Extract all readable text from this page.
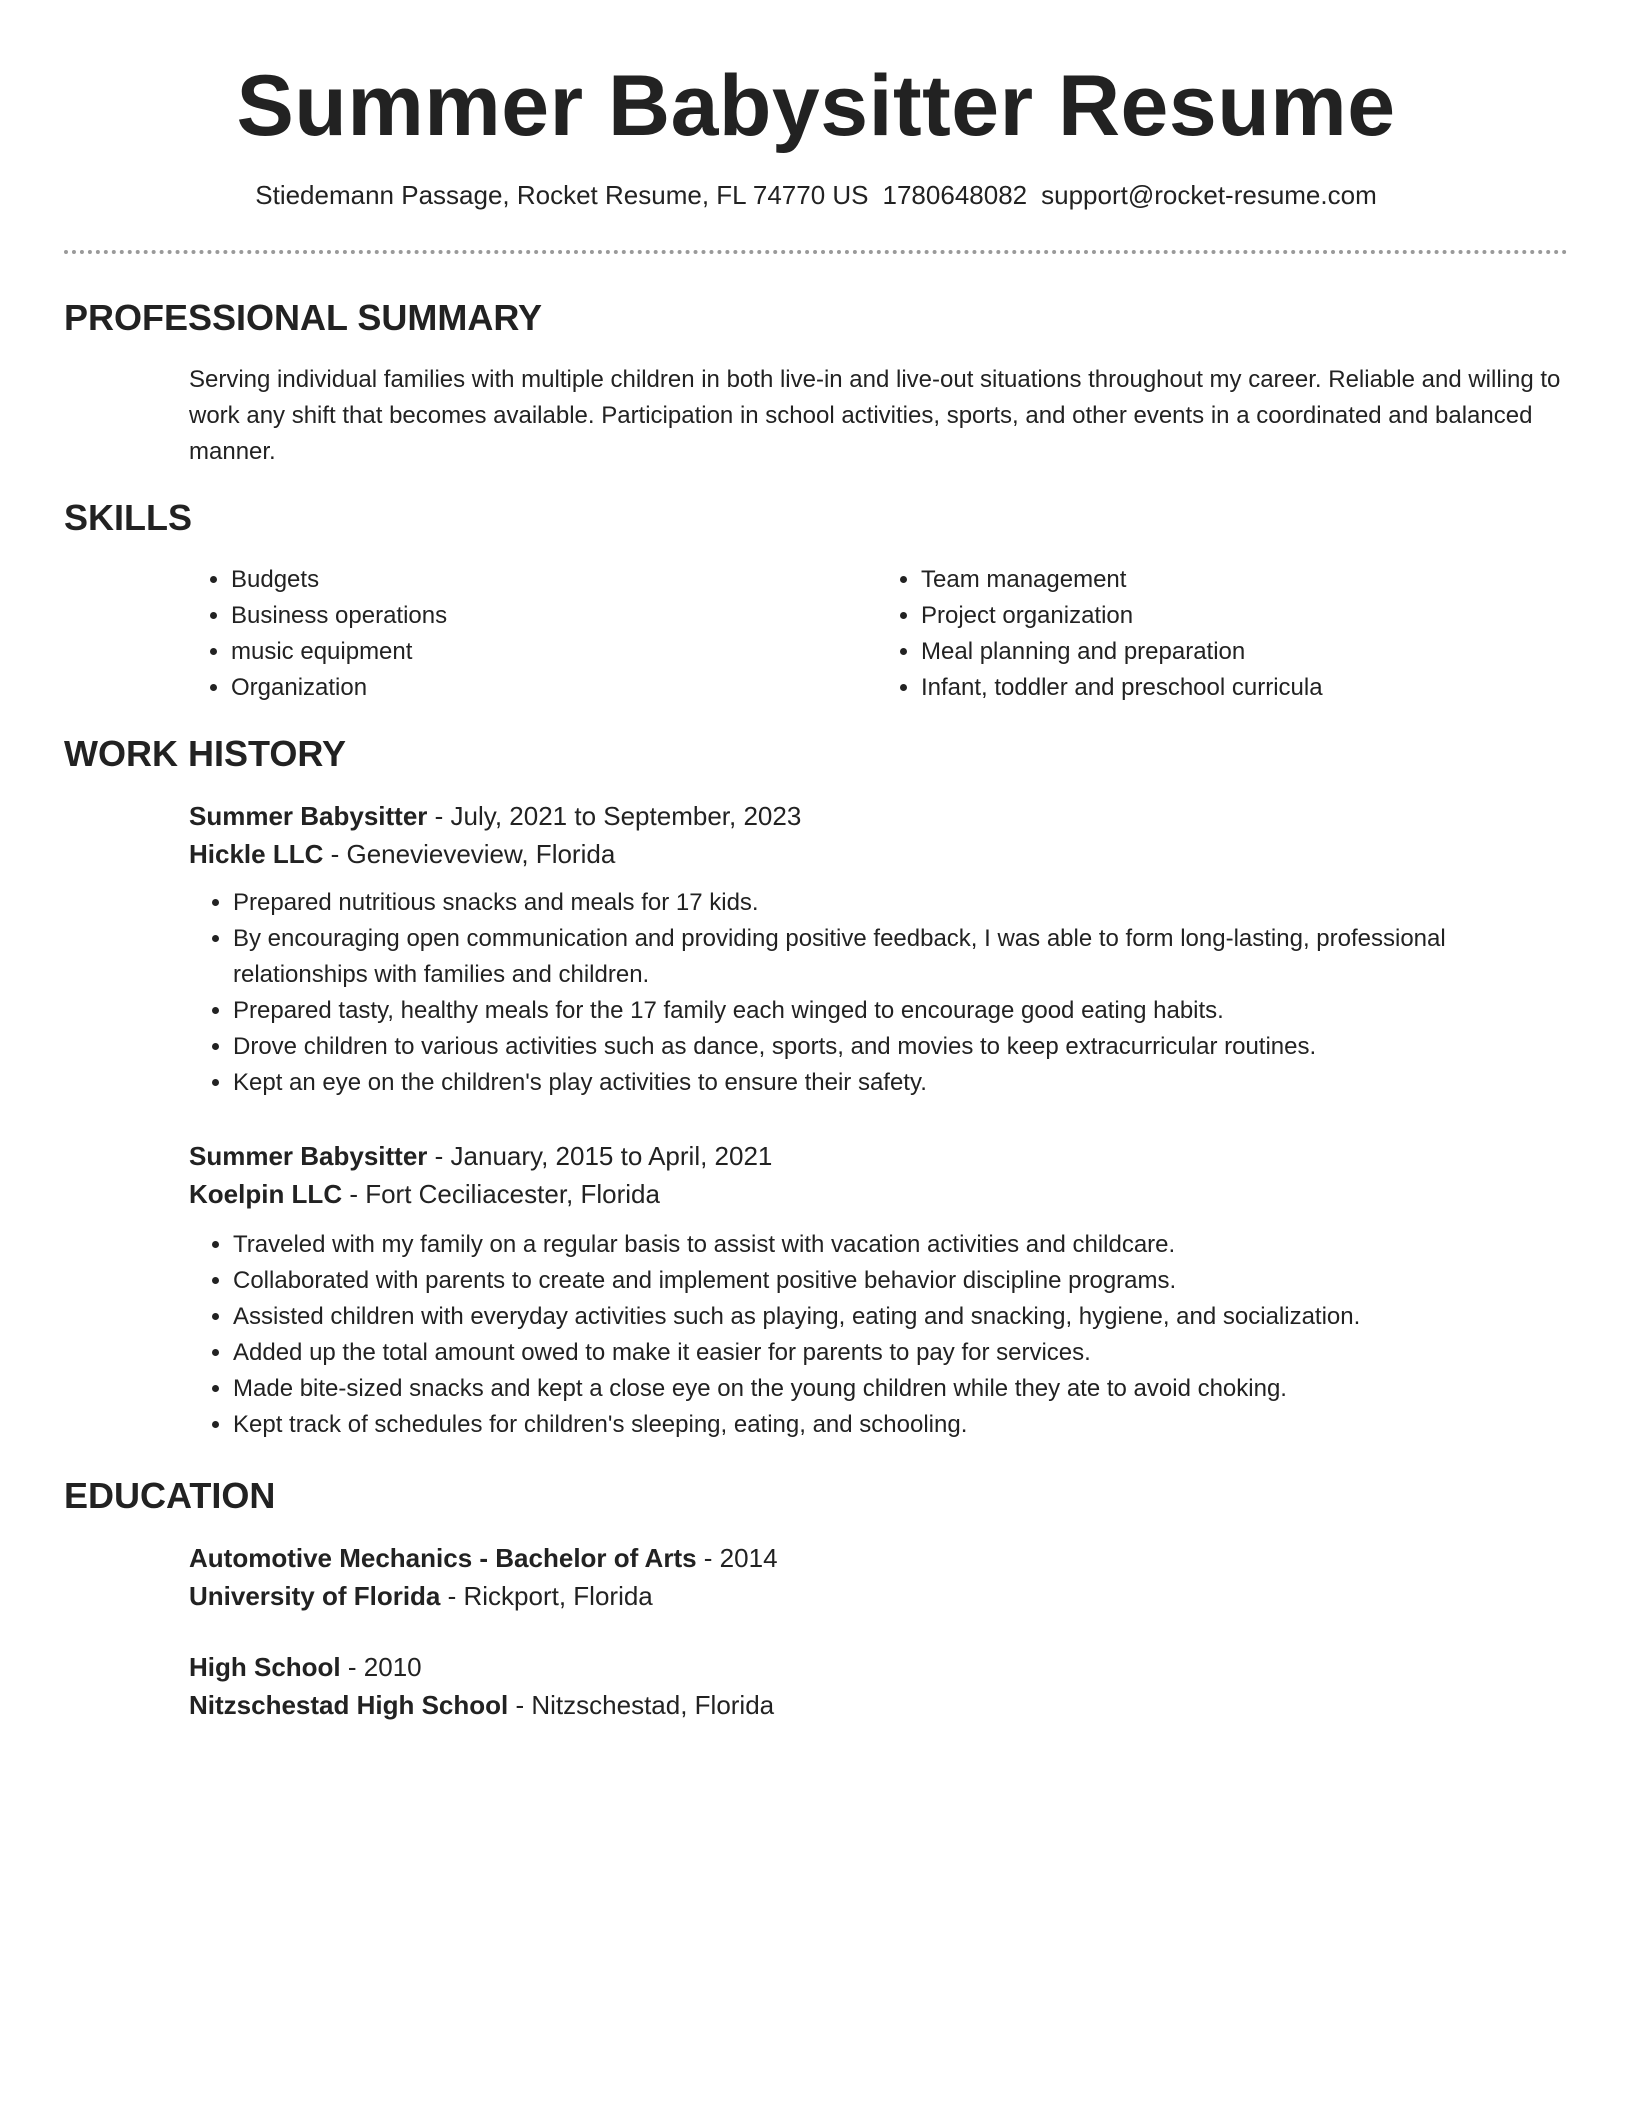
Summer Babysitter Resume
Stiedemann Passage, Rocket Resume, FL 74770 US 1780648082 support@rocket-resume.com
PROFESSIONAL SUMMARY

Serving individual families with multiple children in both live-in and live-out situations throughout my career. Reliable and willing to work any shift that becomes available. Participation in school activities, sports, and other events in a coordinated and balanced manner.

SKILLS
• Budgets
• Business operations
• music equipment
• Organization
• Team management
• Project organization
• Meal planning and preparation
• Infant, toddler and preschool curricula
WORK HISTORY

Summer Babysitter - July, 2021 to September, 2023

Hickle LLC - Genevieveview, Florida

• Prepared nutritious snacks and meals for 17 kids.
• By encouraging open communication and providing positive feedback, I was able to form long-lasting, professional relationships with families and children.
• Prepared tasty, healthy meals for the 17 family each winged to encourage good eating habits.
• Drove children to various activities such as dance, sports, and movies to keep extracurricular routines.
• Kept an eye on the children's play activities to ensure their safety.

Summer Babysitter - January, 2015 to April, 2021

Koelpin LLC - Fort Ceciliacester, Florida

• Traveled with my family on a regular basis to assist with vacation activities and childcare.
• Collaborated with parents to create and implement positive behavior discipline programs.
• Assisted children with everyday activities such as playing, eating and snacking, hygiene, and socialization.
• Added up the total amount owed to make it easier for parents to pay for services.
• Made bite-sized snacks and kept a close eye on the young children while they ate to avoid choking.
• Kept track of schedules for children's sleeping, eating, and schooling.
EDUCATION

Automotive Mechanics - Bachelor of Arts - 2014

University of Florida - Rickport, Florida

High School - 2010

Nitzschestad High School - Nitzschestad, Florida
